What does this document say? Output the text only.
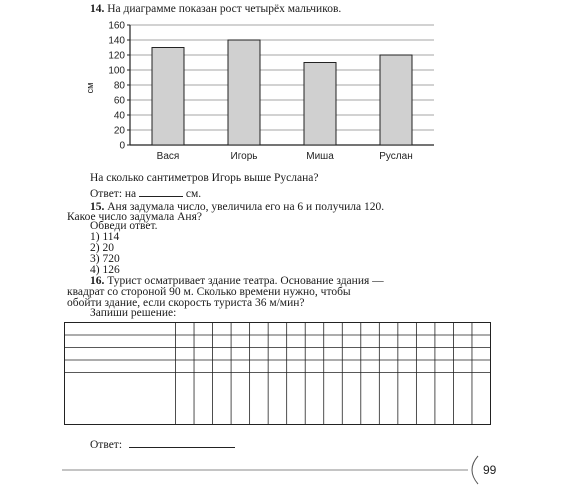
14. На диаграмме показан рост четырёх мальчиков.
0
20
40
60
80
100
120
140
160
Вася	Игорь	Миша	Руслан
см
На сколько сантиметров Игорь выше Руслана?
Ответ: на	см.
15. Аня задумала число, увеличила его на 6 и получила 120.
Какое число задумала Аня?
Обведи ответ.
1) 114
2) 20
3) 720
4) 126
16. Турист осматривает здание театра. Основание здания —
квадрат со стороной 90 м. Сколько времени нужно, чтобы
обойти здание, если скорость туриста 36 м/мин?
Запиши решение:
Ответ:
99
